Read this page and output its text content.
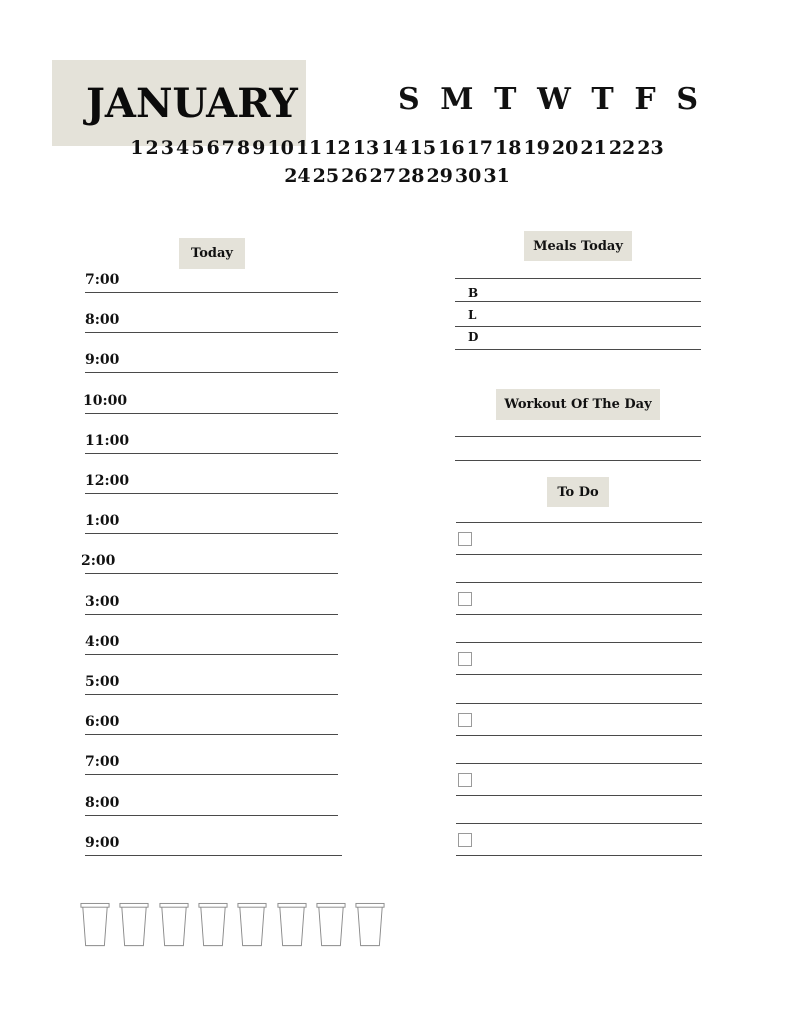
JANUARY	S M T W T F S
1 2 3 4 5 6 7 8 9 10 11 12 13 14 15 16 17 18 19 20 21 22 23
24 25 26 27 28 29 30 31
Today
7:00
8:00
9:00
10:00
11:00
12:00
1:00
2:00
3:00
4:00
5:00
6:00
7:00
8:00
9:00
Meals Today
B
L
D
Workout Of The Day
To Do
